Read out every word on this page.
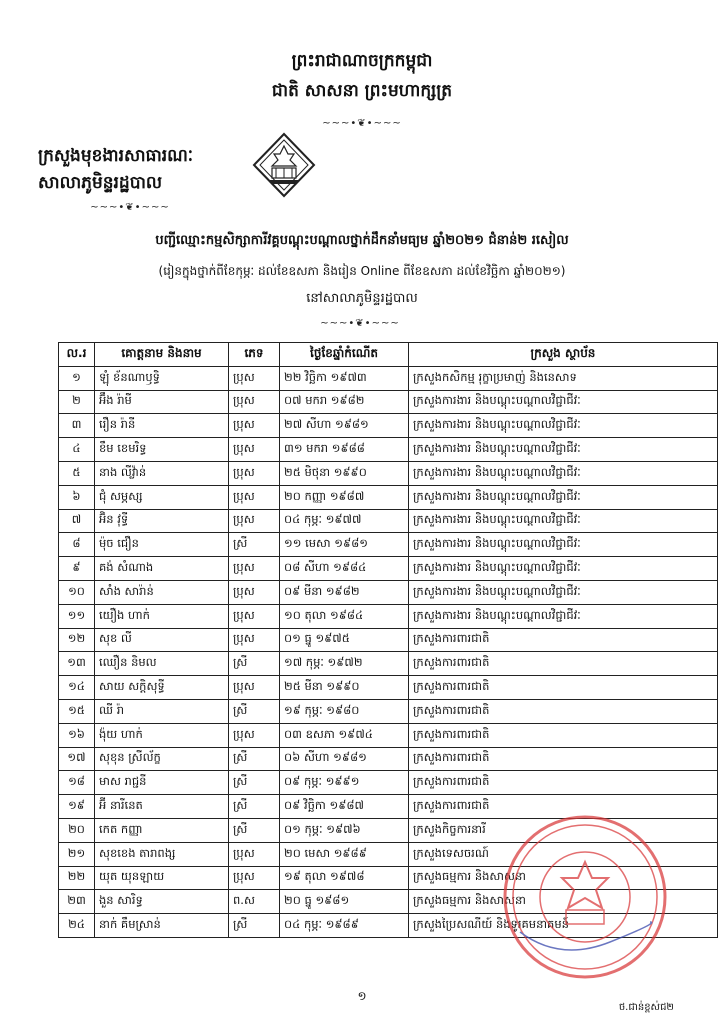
ព្រះរាជាណាចក្រកម្ពុជា
ជាតិ សាសនា ព្រះមហាក្សត្រ
~~~•❦•~~~
ក្រសួងមុខងារសាធារណៈ
សាលាភូមិន្ទរដ្ឋបាល
~~~•❦•~~~
បញ្ជីឈ្មោះកម្មសិក្សាការីវគ្គបណ្ដុះបណ្ដាលថ្នាក់ដឹកនាំមធ្យម ឆ្នាំ២០២១ ជំនាន់២ រសៀល
(រៀនក្នុងថ្នាក់ពីខែកុម្ភៈ ដល់ខែឧសភា និងរៀន Online ពីខែឧសភា ដល់ខែវិច្ឆិកា ឆ្នាំ២០២១)
នៅសាលាភូមិន្ទរដ្ឋបាល
~~~•❦•~~~
ល.រ	គោត្តនាម និងនាម	ភេទ	ថ្ងៃខែឆ្នាំកំណើត	ក្រសួង ស្ថាប័ន
១	ឡុំ ខ័នណាឫទ្ធិ	ប្រុស	២២ វិច្ឆិកា ១៩៧៣	ក្រសួងកសិកម្ម រុក្ខាប្រមាញ់ និងនេសាទ
២	អ៊ឹង រ៉ាមី	ប្រុស	០៧ មករា ១៩៨២	ក្រសួងការងារ និងបណ្ដុះបណ្ដាលវិជ្ជាជីវៈ
៣	រឿន រ៉ានី	ប្រុស	២៧ សីហា ១៩៨១	ក្រសួងការងារ និងបណ្ដុះបណ្ដាលវិជ្ជាជីវៈ
៤	ខឹម ខេមរិទ្ធ	ប្រុស	៣១ មករា ១៩៨៨	ក្រសួងការងារ និងបណ្ដុះបណ្ដាលវិជ្ជាជីវៈ
៥	នាង លីវ៉្លាន់	ប្រុស	២៥ មិថុនា ១៩៩០	ក្រសួងការងារ និងបណ្ដុះបណ្ដាលវិជ្ជាជីវៈ
៦	ជុំ សម្ភស្ស	ប្រុស	២០ កញ្ញា ១៩៨៧	ក្រសួងការងារ និងបណ្ដុះបណ្ដាលវិជ្ជាជីវៈ
៧	អ៊ិន វុទ្ធី	ប្រុស	០៤ កុម្ភៈ ១៩៧៧	ក្រសួងការងារ និងបណ្ដុះបណ្ដាលវិជ្ជាជីវៈ
៨	ម៉ុច ជឿន	ស្រី	១១ មេសា ១៩៨១	ក្រសួងការងារ និងបណ្ដុះបណ្ដាលវិជ្ជាជីវៈ
៩	គង់ សំណាង	ប្រុស	០៨ សីហា ១៩៨៤	ក្រសួងការងារ និងបណ្ដុះបណ្ដាលវិជ្ជាជីវៈ
១០	សាំង សារ៉ាន់	ប្រុស	០៩ មីនា ១៩៨២	ក្រសួងការងារ និងបណ្ដុះបណ្ដាលវិជ្ជាជីវៈ
១១	យឿង ហាក់	ប្រុស	១០ តុលា ១៩៨៤	ក្រសួងការងារ និងបណ្ដុះបណ្ដាលវិជ្ជាជីវៈ
១២	សុខ លី	ប្រុស	០១ ធ្នូ ១៩៧៥	ក្រសួងការពារជាតិ
១៣	ឈឿន និមល	ស្រី	១៧ កុម្ភៈ ១៩៧២	ក្រសួងការពារជាតិ
១៤	សាយ សក្តិសុទ្ធី	ប្រុស	២៥ មីនា ១៩៩០	ក្រសួងការពារជាតិ
១៥	ឈី រ៉ា	ស្រី	១៩ កុម្ភៈ ១៩៨០	ក្រសួងការពារជាតិ
១៦	ង៉ុយ ហាក់	ប្រុស	០៣ ឧសភា ១៩៧៤	ក្រសួងការពារជាតិ
១៧	សុខុន ស្រីល័ក្ខ	ស្រី	០៦ សីហា ១៩៨១	ក្រសួងការពារជាតិ
១៨	មាស រាជ្ជនី	ស្រី	០៩ កុម្ភៈ ១៩៩១	ក្រសួងការពារជាតិ
១៩	អ៊ី នារីនេត	ស្រី	០៩ វិច្ឆិកា ១៩៨៧	ក្រសួងការពារជាតិ
២០	កេត កញ្ញា	ស្រី	០១ កុម្ភៈ ១៩៧៦	ក្រសួងកិច្ចការនារី
២១	សុខខេង តារាពង្ស	ប្រុស	២០ មេសា ១៩៨៩	ក្រសួងទេសចរណ៍
២២	យុត យុនឡាយ	ប្រុស	១៩ តុលា ១៩៧៨	ក្រសួងធម្មការ និងសាសនា
២៣	ងួន សារិទ្ធ	ព.ស	២០ ធ្នូ ១៩៨១	ក្រសួងធម្មការ និងសាសនា
២៤	នាក់ គឹមស្រាន់	ស្រី	០៤ កុម្ភៈ ១៩៨៩	ក្រសួងប្រៃសណីយ៍ និងទូរគមនាគមន៍
១
ថ.ជាន់ខ្ពស់ជ២
